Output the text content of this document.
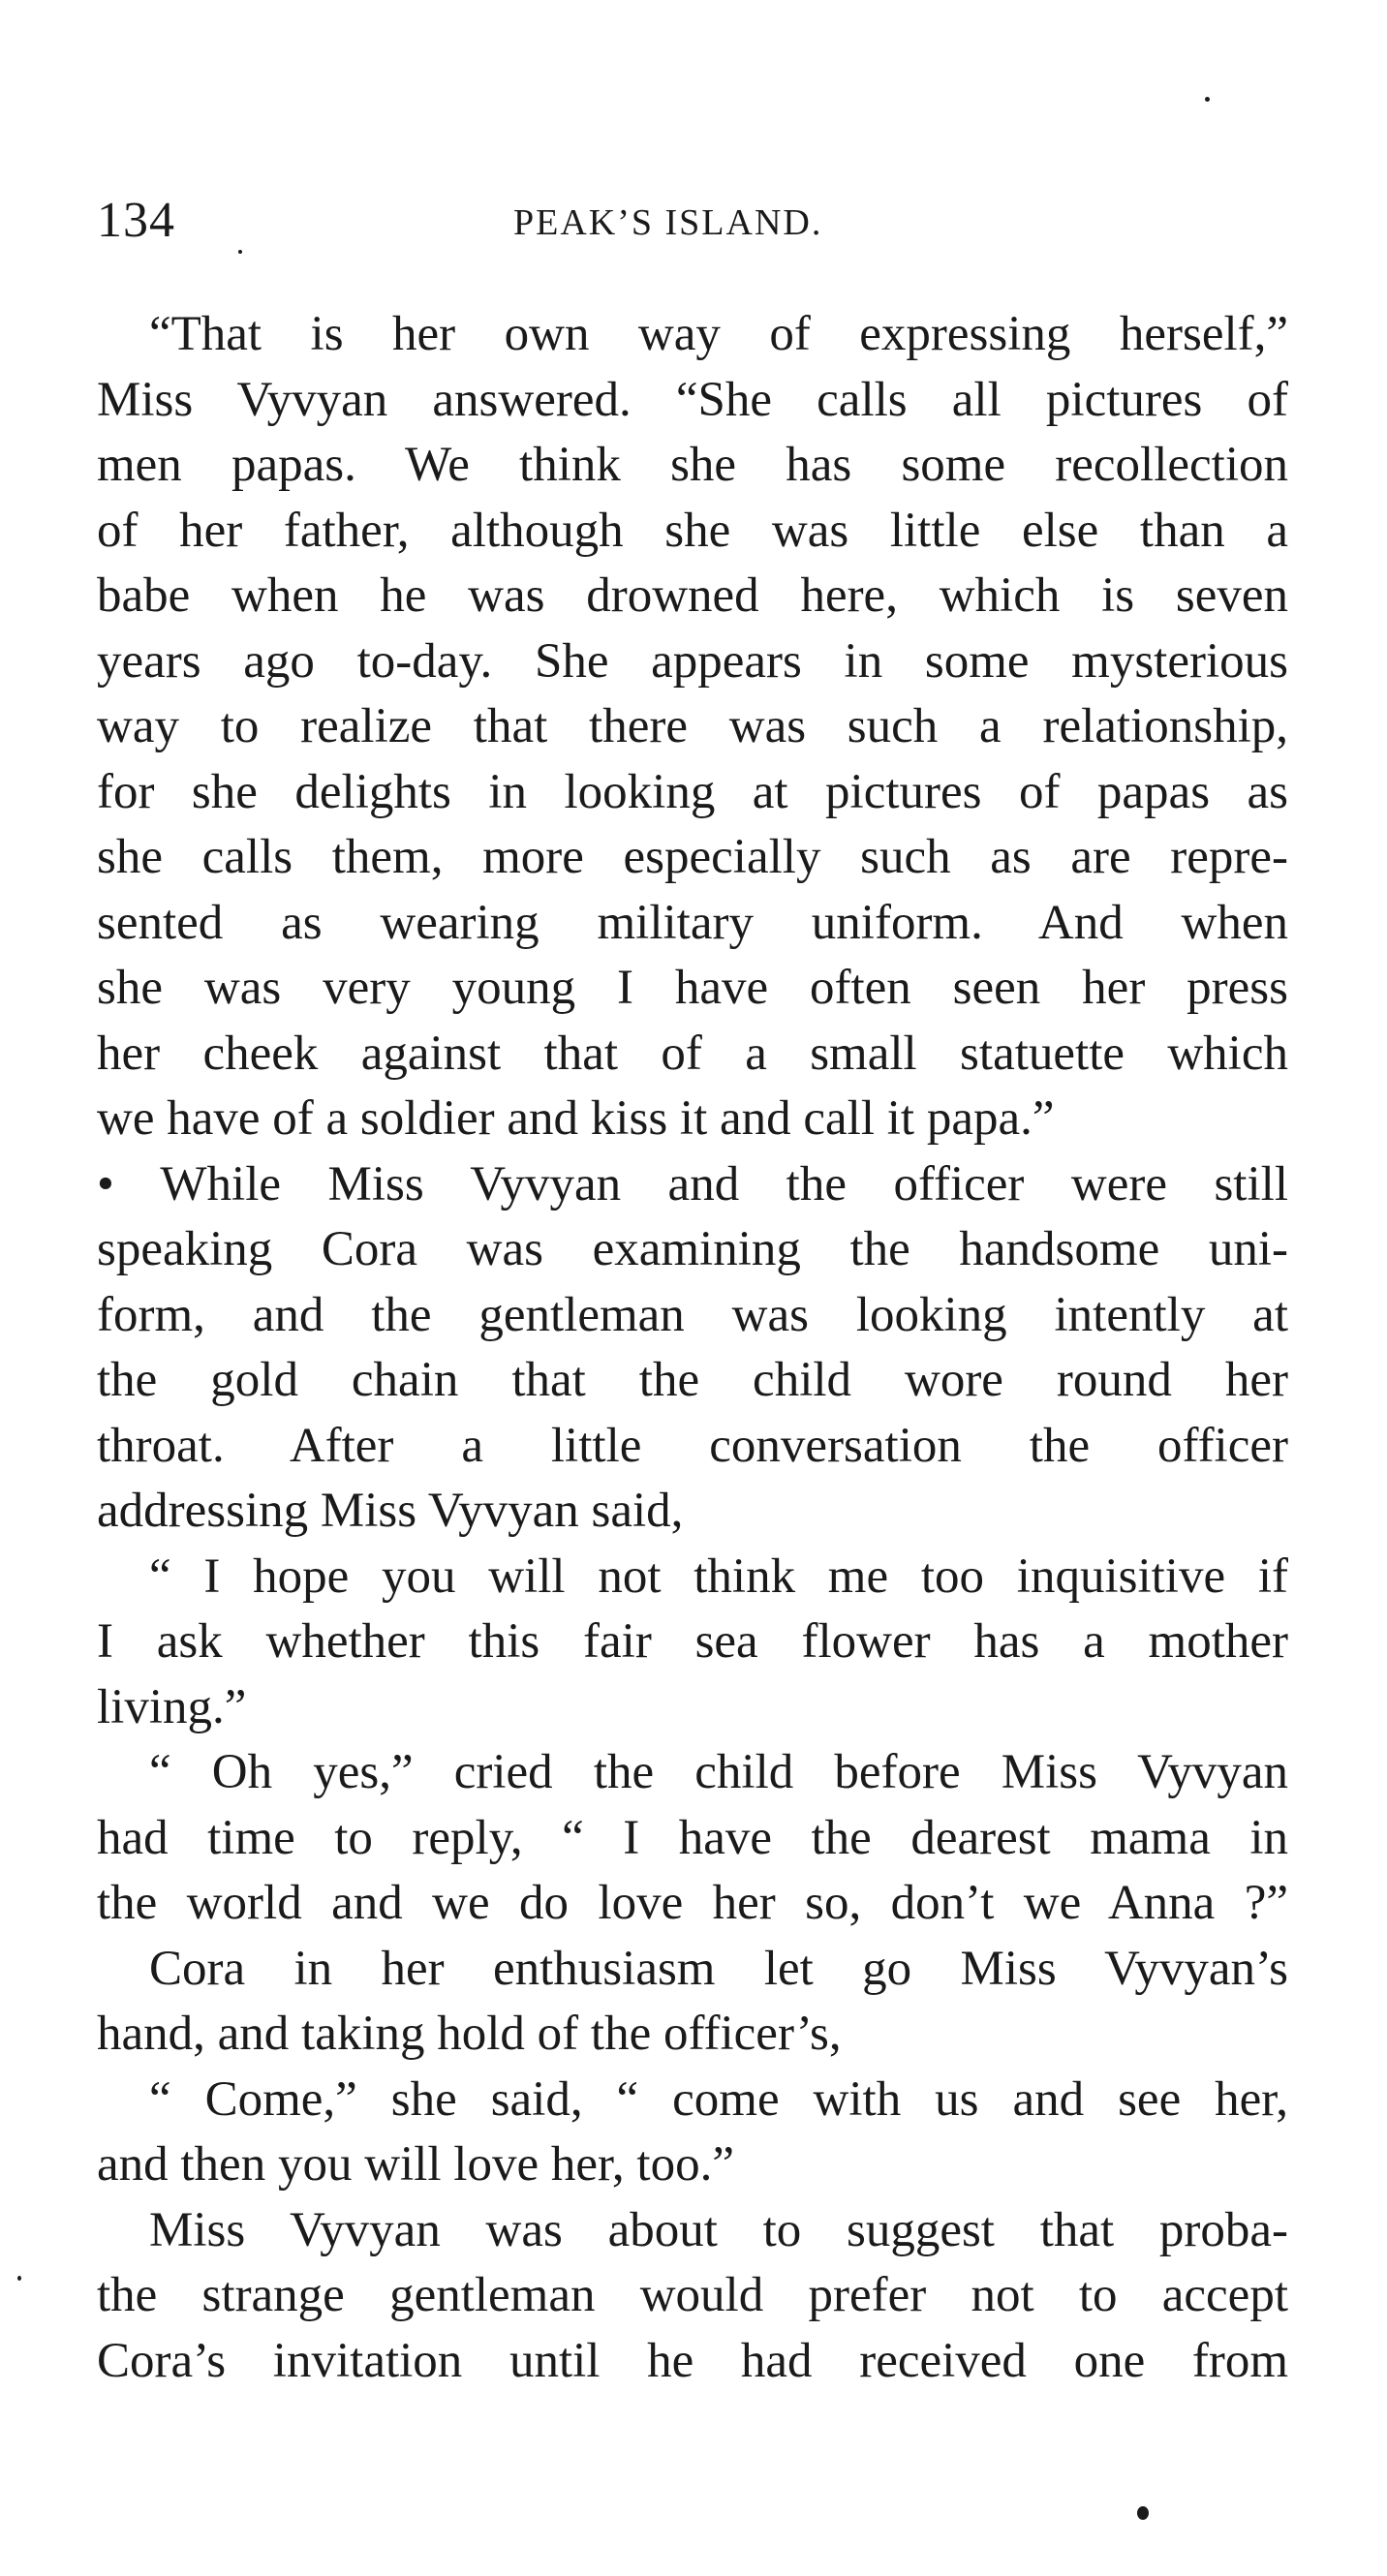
134	PEAK’S ISLAND.
“That is her own way of expressing herself,”
Miss Vyvyan answered. “She calls all pictures of
men papas. We think she has some recollection
of her father, although she was little else than a
babe when he was drowned here, which is seven
years ago to-day. She appears in some mysterious
way to realize that there was such a relationship,
for she delights in looking at pictures of papas as
she calls them, more especially such as are repre-
sented as wearing military uniform. And when
she was very young I have often seen her press
her cheek against that of a small statuette which
we have of a soldier and kiss it and call it papa.”
• While Miss Vyvyan and the officer were still
speaking Cora was examining the handsome uni-
form, and the gentleman was looking intently at
the gold chain that the child wore round her
throat. After a little conversation the officer
addressing Miss Vyvyan said,
“ I hope you will not think me too inquisitive if
I ask whether this fair sea flower has a mother
living.”
“ Oh yes,” cried the child before Miss Vyvyan
had time to reply, “ I have the dearest mama in
the world and we do love her so, don’t we Anna ?”
Cora in her enthusiasm let go Miss Vyvyan’s
hand, and taking hold of the officer’s,
“ Come,” she said, “ come with us and see her,
and then you will love her, too.”
Miss Vyvyan was about to suggest that proba-
the strange gentleman would prefer not to accept
Cora’s invitation until he had received one from
